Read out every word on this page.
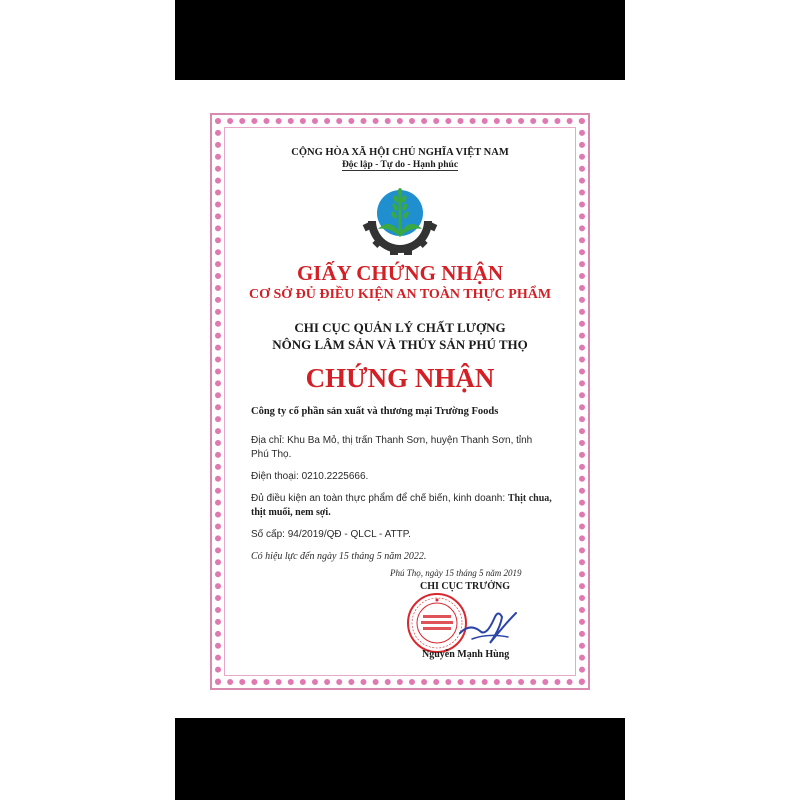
CỘNG HÒA XÃ HỘI CHỦ NGHĨA VIỆT NAM
Độc lập - Tự do - Hạnh phúc
GIẤY CHỨNG NHẬN
CƠ SỞ ĐỦ ĐIỀU KIỆN AN TOÀN THỰC PHẨM
CHI CỤC QUẢN LÝ CHẤT LƯỢNG
NÔNG LÂM SẢN VÀ THỦY SẢN PHÚ THỌ
CHỨNG NHẬN
Công ty cổ phần sản xuất và thương mại Trường Foods
Địa chỉ: Khu Ba Mỏ, thị trấn Thanh Sơn, huyện Thanh Sơn, tỉnh
Phú Thọ.
Điện thoại: 0210.2225666.
Đủ điều kiện an toàn thực phẩm để chế biến, kinh doanh: Thịt chua,
thịt muối, nem sợi.
Số cấp: 94/2019/QĐ - QLCL - ATTP.
Có hiệu lực đến ngày 15 tháng 5 năm 2022.
Phú Thọ, ngày 15 tháng 5 năm 2019
CHI CỤC TRƯỞNG
Nguyễn Mạnh Hùng
